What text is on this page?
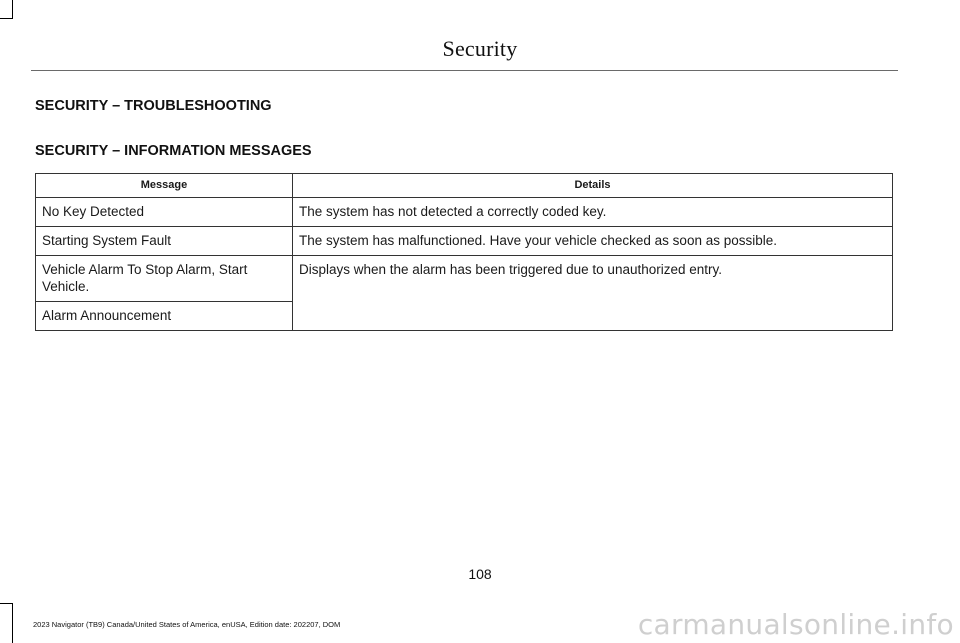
Security
SECURITY – TROUBLESHOOTING
SECURITY – INFORMATION MESSAGES
Message	Details
No Key Detected	The system has not detected a correctly coded key.
Starting System Fault	The system has malfunctioned. Have your vehicle checked as soon as possible.
Vehicle Alarm To Stop Alarm, Start Vehicle.	Displays when the alarm has been triggered due to unauthorized entry.
Alarm Announcement	
108
2023 Navigator (TB9) Canada/United States of America, enUSA, Edition date: 202207, DOM	carmanualsonline.info
